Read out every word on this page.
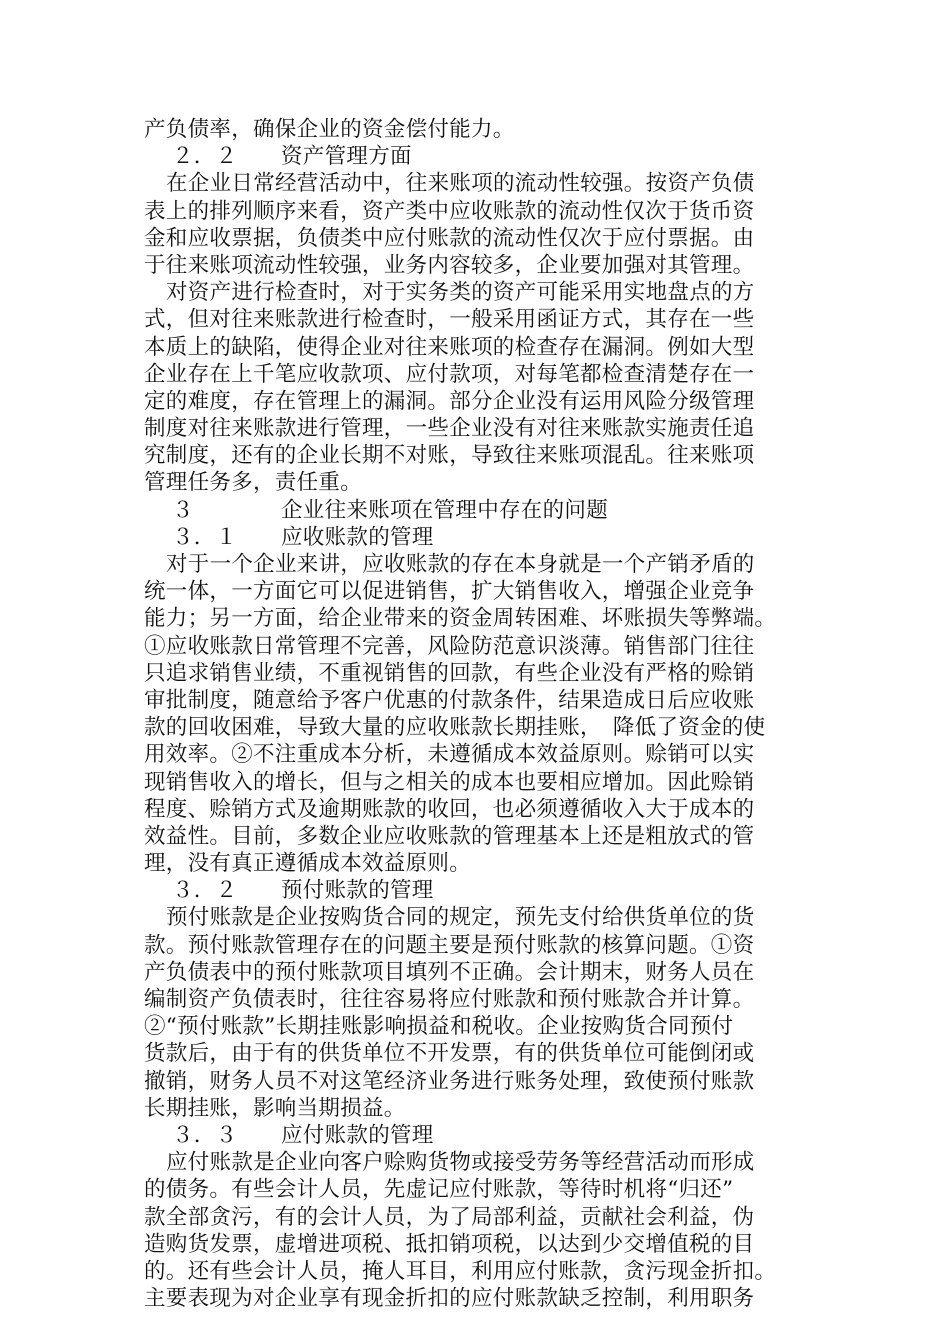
产负债率，确保企业的资金偿付能力。
２．２　　资产管理方面
在企业日常经营活动中，往来账项的流动性较强。按资产负债
表上的排列顺序来看，资产类中应收账款的流动性仅次于货币资
金和应收票据，负债类中应付账款的流动性仅次于应付票据。由
于往来账项流动性较强，业务内容较多，企业要加强对其管理。
对资产进行检查时，对于实务类的资产可能采用实地盘点的方
式，但对往来账款进行检查时，一般采用函证方式，其存在一些
本质上的缺陷，使得企业对往来账项的检查存在漏洞。例如大型
企业存在上千笔应收款项、应付款项，对每笔都检查清楚存在一
定的难度，存在管理上的漏洞。部分企业没有运用风险分级管理
制度对往来账款进行管理，一些企业没有对往来账款实施责任追
究制度，还有的企业长期不对账，导致往来账项混乱。往来账项
管理任务多，责任重。
３　　　　企业往来账项在管理中存在的问题
３．１　　应收账款的管理
对于一个企业来讲，应收账款的存在本身就是一个产销矛盾的
统一体，一方面它可以促进销售，扩大销售收入，增强企业竞争
能力；另一方面，给企业带来的资金周转困难、坏账损失等弊端。
①应收账款日常管理不完善，风险防范意识淡薄。销售部门往往
只追求销售业绩，不重视销售的回款，有些企业没有严格的赊销
审批制度，随意给予客户优惠的付款条件，结果造成日后应收账
款的回收困难，导致大量的应收账款长期挂账，　降低了资金的使
用效率。②不注重成本分析，未遵循成本效益原则。赊销可以实
现销售收入的增长，但与之相关的成本也要相应增加。因此赊销
程度、赊销方式及逾期账款的收回，也必须遵循收入大于成本的
效益性。目前，多数企业应收账款的管理基本上还是粗放式的管
理，没有真正遵循成本效益原则。
３．２　　预付账款的管理
预付账款是企业按购货合同的规定，预先支付给供货单位的货
款。预付账款管理存在的问题主要是预付账款的核算问题。①资
产负债表中的预付账款项目填列不正确。会计期末，财务人员在
编制资产负债表时，往往容易将应付账款和预付账款合并计算。
②“预付账款”长期挂账影响损益和税收。企业按购货合同预付
货款后，由于有的供货单位不开发票，有的供货单位可能倒闭或
撤销，财务人员不对这笔经济业务进行账务处理，致使预付账款
长期挂账，影响当期损益。
３．３　　应付账款的管理
应付账款是企业向客户赊购货物或接受劳务等经营活动而形成
的债务。有些会计人员，先虚记应付账款，等待时机将“归还”
款全部贪污，有的会计人员，为了局部利益，贡献社会利益，伪
造购货发票，虚增进项税、抵扣销项税，以达到少交增值税的目
的。还有些会计人员，掩人耳目，利用应付账款，贪污现金折扣。
主要表现为对企业享有现金折扣的应付账款缺乏控制，利用职务
